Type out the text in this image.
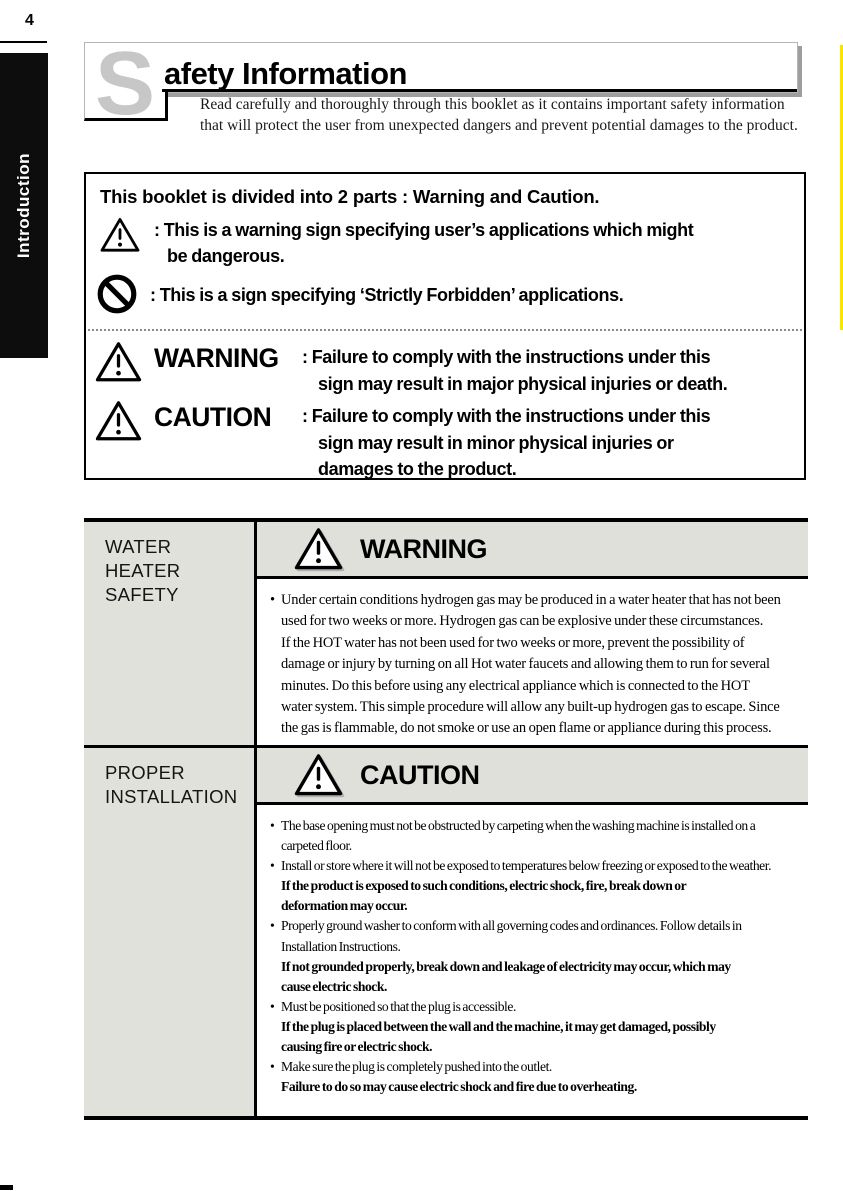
4
Introduction
S afety Information
Read carefully and thoroughly through this booklet as it contains important safety information
that will protect the user from unexpected dangers and prevent potential damages to the product.
This booklet is divided into 2 parts : Warning and Caution.
: This is a warning sign specifying user’s applications which might
be dangerous.
: This is a sign specifying ‘Strictly Forbidden’ applications.
WARNING	: Failure to comply with the instructions under this
sign may result in major physical injuries or death.
CAUTION	: Failure to comply with the instructions under this
sign may result in minor physical injuries or
damages to the product.
WATER
HEATER
SAFETY
WARNING
• Under certain conditions hydrogen gas may be produced in a water heater that has not been
used for two weeks or more. Hydrogen gas can be explosive under these circumstances.
If the HOT water has not been used for two weeks or more, prevent the possibility of
damage or injury by turning on all Hot water faucets and allowing them to run for several
minutes. Do this before using any electrical appliance which is connected to the HOT
water system. This simple procedure will allow any built-up hydrogen gas to escape. Since
the gas is flammable, do not smoke or use an open flame or appliance during this process.
PROPER
INSTALLATION
CAUTION
• The base opening must not be obstructed by carpeting when the washing machine is installed on a
carpeted floor.
• Install or store where it will not be exposed to temperatures below freezing or exposed to the weather.
If the product is exposed to such conditions, electric shock, fire, break down or
deformation may occur.
• Properly ground washer to conform with all governing codes and ordinances. Follow details in
Installation Instructions.
If not grounded properly, break down and leakage of electricity may occur, which may
cause electric shock.
• Must be positioned so that the plug is accessible.
If the plug is placed between the wall and the machine, it may get damaged, possibly
causing fire or electric shock.
• Make sure the plug is completely pushed into the outlet.
Failure to do so may cause electric shock and fire due to overheating.
